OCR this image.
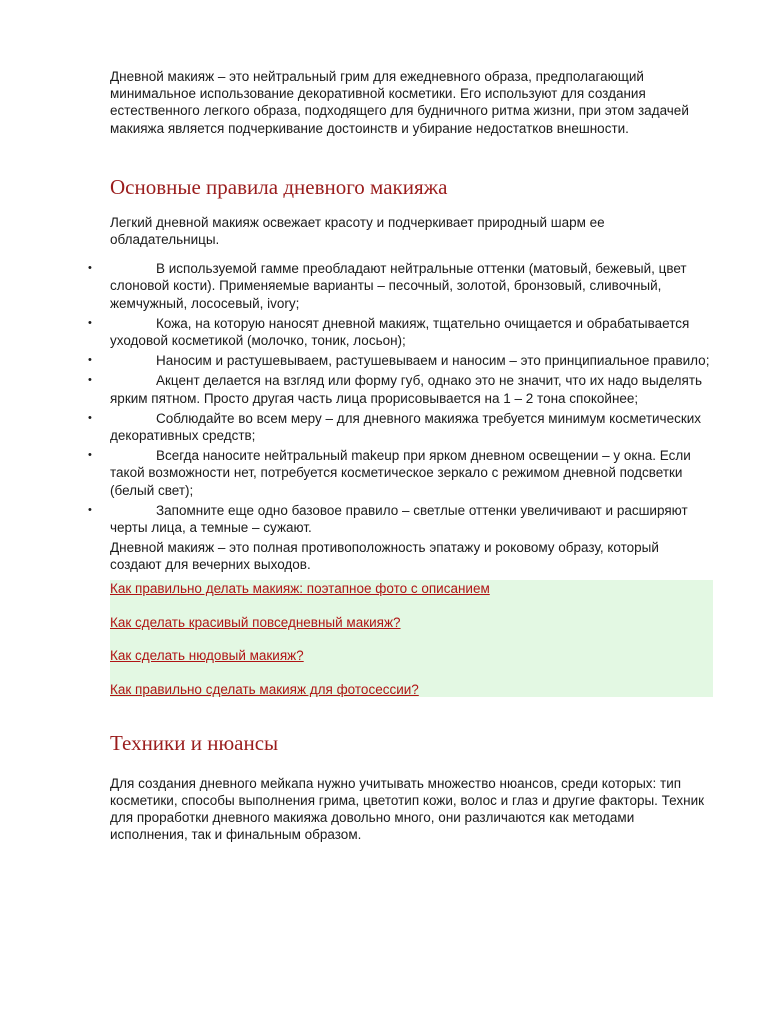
Дневной макияж – это нейтральный грим для ежедневного образа, предполагающий минимальное использование декоративной косметики. Его используют для создания естественного легкого образа, подходящего для будничного ритма жизни, при этом задачей макияжа является подчеркивание достоинств и убирание недостатков внешности.

Основные правила дневного макияжа

Легкий дневной макияж освежает красоту и подчеркивает природный шарм ее обладательницы.

•	В используемой гамме преобладают нейтральные оттенки (матовый, бежевый, цвет слоновой кости). Применяемые варианты – песочный, золотой, бронзовый, сливочный, жемчужный, лососевый, ivory;
•	Кожа, на которую наносят дневной макияж, тщательно очищается и обрабатывается уходовой косметикой (молочко, тоник, лосьон);
•	Наносим и растушевываем, растушевываем и наносим – это принципиальное правило;
•	Акцент делается на взгляд или форму губ, однако это не значит, что их надо выделять ярким пятном. Просто другая часть лица прорисовывается на 1 – 2 тона спокойнее;
•	Соблюдайте во всем меру – для дневного макияжа требуется минимум косметических декоративных средств;
•	Всегда наносите нейтральный makeup при ярком дневном освещении – у окна. Если такой возможности нет, потребуется косметическое зеркало с режимом дневной подсветки (белый свет);
•	Запомните еще одно базовое правило – светлые оттенки увеличивают и расширяют черты лица, а темные – сужают.

Дневной макияж – это полная противоположность эпатажу и роковому образу, который создают для вечерних выходов.

Как правильно делать макияж: поэтапное фото с описанием
Как сделать красивый повседневный макияж?
Как сделать нюдовый макияж?
Как правильно сделать макияж для фотосессии?
Техники и нюансы

Для создания дневного мейкапа нужно учитывать множество нюансов, среди которых: тип косметики, способы выполнения грима, цветотип кожи, волос и глаз и другие факторы. Техник для проработки дневного макияжа довольно много, они различаются как методами исполнения, так и финальным образом.
